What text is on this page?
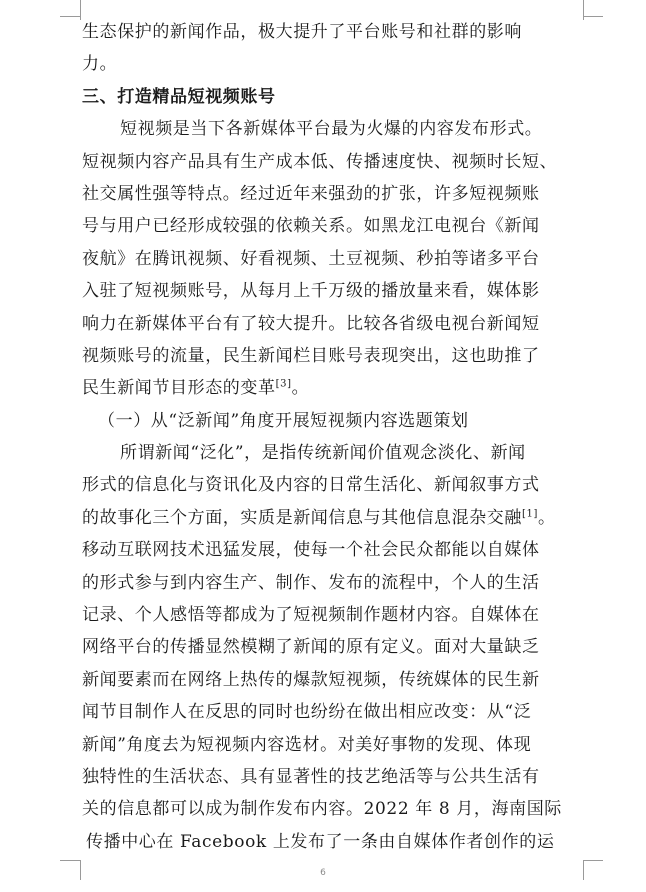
生态保护的新闻作品，极大提升了平台账号和社群的影响
力。
三、打造精品短视频账号
短视频是当下各新媒体平台最为火爆的内容发布形式。
短视频内容产品具有生产成本低、传播速度快、视频时长短、
社交属性强等特点。经过近年来强劲的扩张，许多短视频账
号与用户已经形成较强的依赖关系。如黑龙江电视台《新闻
夜航》在腾讯视频、好看视频、土豆视频、秒拍等诸多平台
入驻了短视频账号，从每月上千万级的播放量来看，媒体影
响力在新媒体平台有了较大提升。比较各省级电视台新闻短
视频账号的流量，民生新闻栏目账号表现突出，这也助推了
民生新闻节目形态的变革[3]。
（一）从“泛新闻”角度开展短视频内容选题策划
所谓新闻“泛化”，是指传统新闻价值观念淡化、新闻
形式的信息化与资讯化及内容的日常生活化、新闻叙事方式
的故事化三个方面，实质是新闻信息与其他信息混杂交融[1]。
移动互联网技术迅猛发展，使每一个社会民众都能以自媒体
的形式参与到内容生产、制作、发布的流程中，个人的生活
记录、个人感悟等都成为了短视频制作题材内容。自媒体在
网络平台的传播显然模糊了新闻的原有定义。面对大量缺乏
新闻要素而在网络上热传的爆款短视频，传统媒体的民生新
闻节目制作人在反思的同时也纷纷在做出相应改变：从“泛
新闻”角度去为短视频内容选材。对美好事物的发现、体现
独特性的生活状态、具有显著性的技艺绝活等与公共生活有
关的信息都可以成为制作发布内容。2022 年 8 月，海南国际
传播中心在 Facebook 上发布了一条由自媒体作者创作的运
6
